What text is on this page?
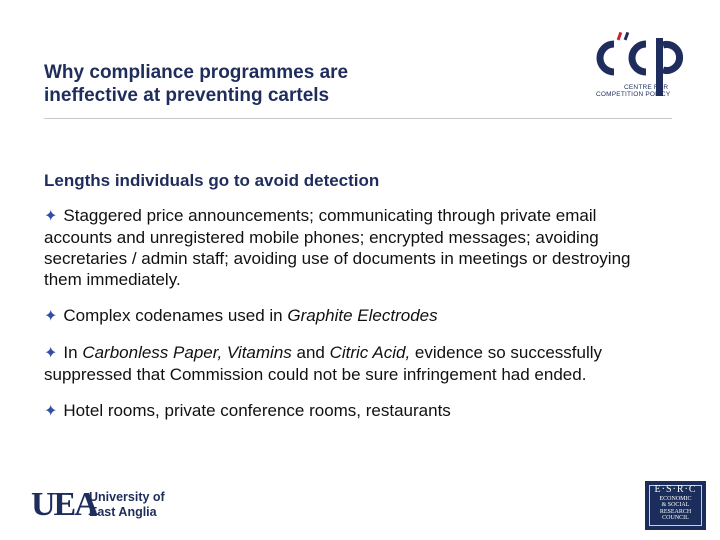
Why compliance programmes are
ineffective at preventing cartels	CENTRE FOR
COMPETITION POLICY
Lengths individuals go to avoid detection

✦ Staggered price announcements; communicating through private email accounts and unregistered mobile phones; encrypted messages; avoiding secretaries / admin staff; avoiding use of documents in meetings or destroying them immediately.

✦ Complex codenames used in Graphite Electrodes

✦ In Carbonless Paper, Vitamins and Citric Acid, evidence so successfully suppressed that Commission could not be sure infringement had ended.

✦ Hotel rooms, private conference rooms, restaurants

UEA
University of
East Anglia
E·S·R·C
ECONOMIC
& SOCIAL
RESEARCH
COUNCIL
